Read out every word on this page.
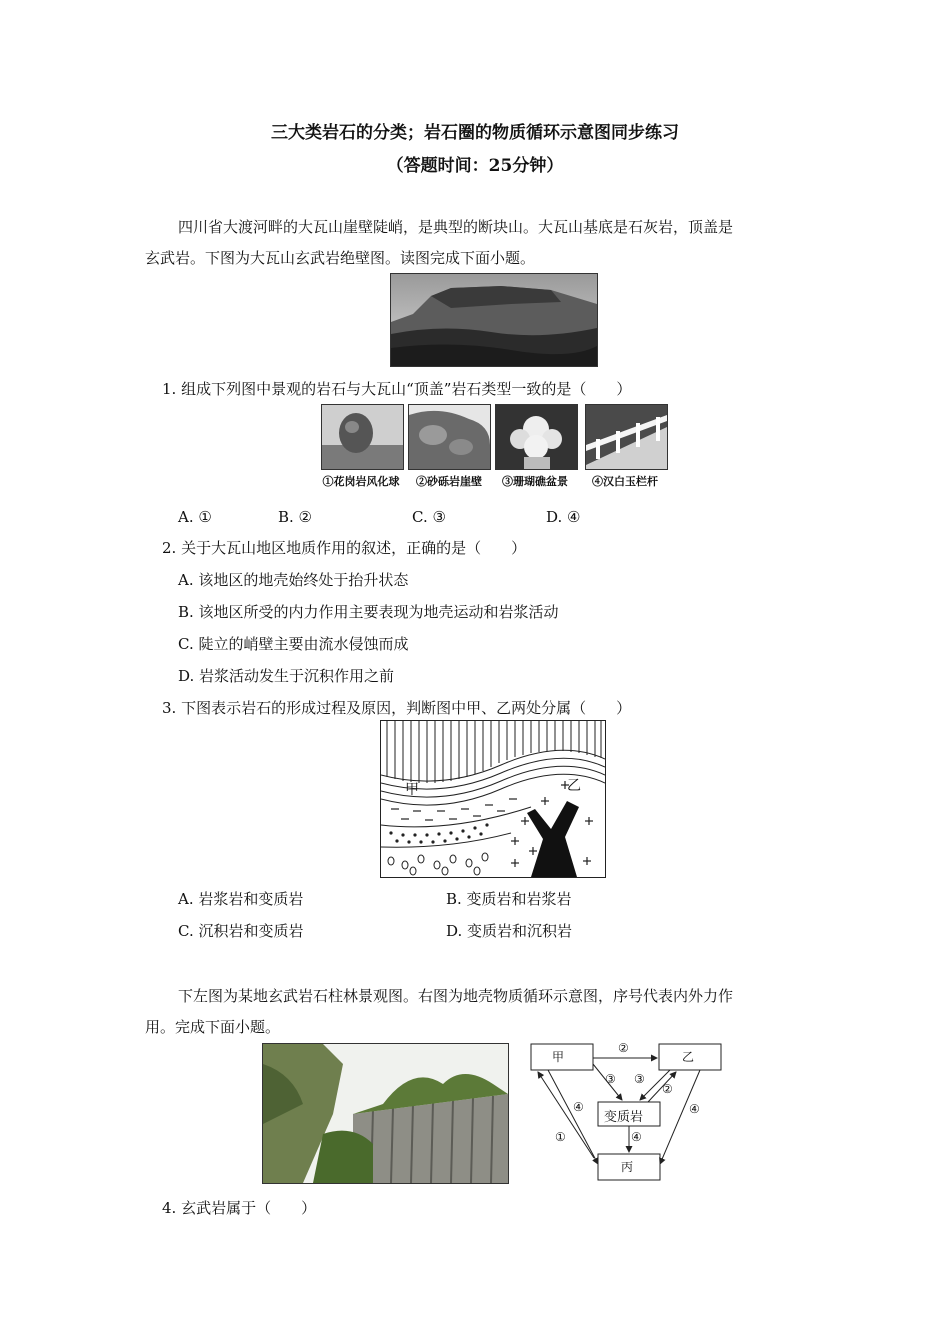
三大类岩石的分类；岩石圈的物质循环示意图同步练习
（答题时间：25分钟）
四川省大渡河畔的大瓦山崖壁陡峭，是典型的断块山。大瓦山基底是石灰岩，顶盖是
玄武岩。下图为大瓦山玄武岩绝壁图。读图完成下面小题。
1. 组成下列图中景观的岩石与大瓦山“顶盖”岩石类型一致的是（　　）
①花岗岩风化球	②砂砾岩崖壁	③珊瑚礁盆景	④汉白玉栏杆
A. ①	B. ②	C. ③	D. ④
2. 关于大瓦山地区地质作用的叙述，正确的是（　　）
A. 该地区的地壳始终处于抬升状态
B. 该地区所受的内力作用主要表现为地壳运动和岩浆活动
C. 陡立的峭壁主要由流水侵蚀而成
D. 岩浆活动发生于沉积作用之前
3. 下图表示岩石的形成过程及原因，判断图中甲、乙两处分属（　　）
甲	乙
A. 岩浆岩和变质岩	B. 变质岩和岩浆岩
C. 沉积岩和变质岩	D. 变质岩和沉积岩
下左图为某地玄武岩石柱林景观图。右图为地壳物质循环示意图，序号代表内外力作
用。完成下面小题。
甲	乙
变质岩
丙
②
③ ③
②
④	④
④
①
4. 玄武岩属于（　　）
